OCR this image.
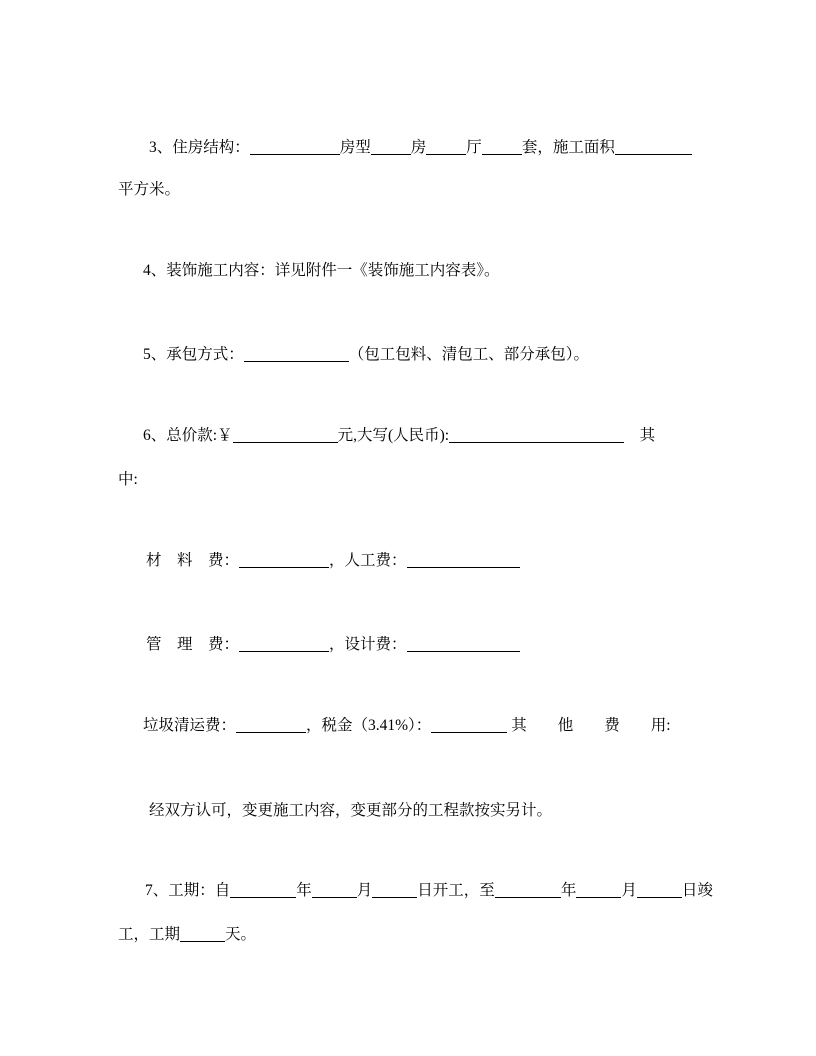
3、住房结构：	房型	房	厅	套，施工面积
平方米。
4、装饰施工内容：详见附件一《装饰施工内容表》。
5、承包方式：	（包工包料、清包工、部分承包）。
6、总价款:￥	元,大写(人民币):	　其
中:
材　料　费：	，人工费：
管　理　费：	，设计费：
垃圾清运费：	，税金（3.41%）：	其　　他　　费　　用:
经双方认可，变更施工内容，变更部分的工程款按实另计。
7、工期：自	年	月	日开工，至	年	月	日竣
工，工期	天。
